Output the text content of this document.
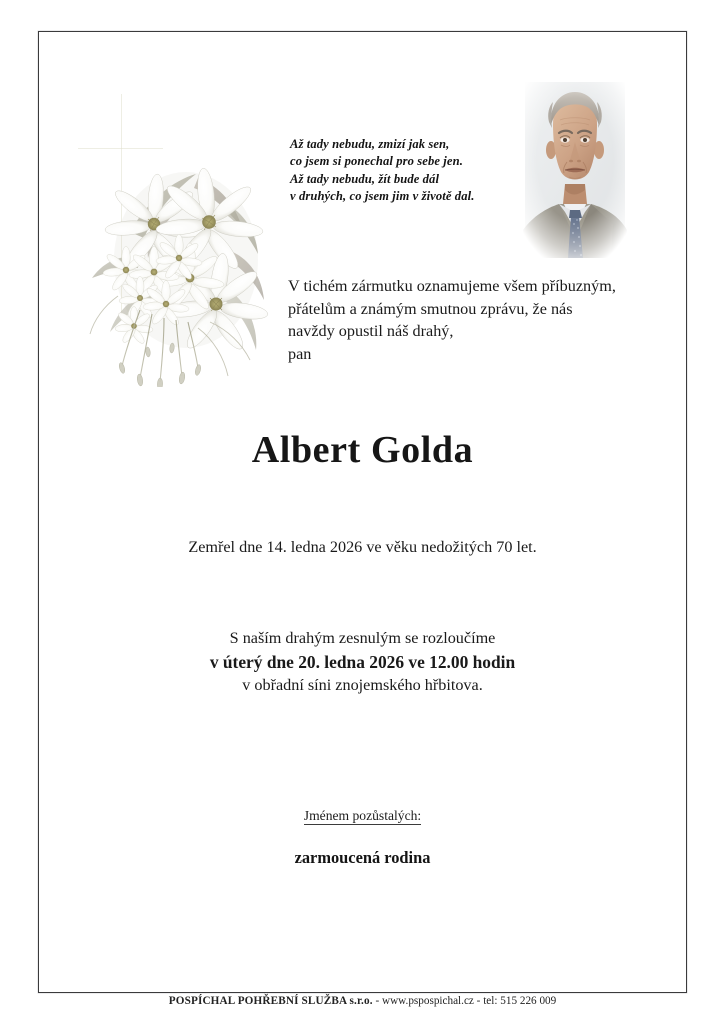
Až tady nebudu, zmizí jak sen,
co jsem si ponechal pro sebe jen.
Až tady nebudu, žít bude dál
v druhých, co jsem jim v životě dal.
V tichém zármutku oznamujeme všem příbuzným,
přátelům a známým smutnou zprávu, že nás
navždy opustil náš drahý,
pan
Albert Golda
Zemřel dne 14. ledna 2026 ve věku nedožitých 70 let.
S naším drahým zesnulým se rozloučíme
v úterý dne 20. ledna 2026 ve 12.00 hodin
v obřadní síni znojemského hřbitova.
Jménem pozůstalých:
zarmoucená rodina
POSPÍCHAL POHŘEBNÍ SLUŽBA s.r.o. - www.pspospichal.cz - tel: 515 226 009
